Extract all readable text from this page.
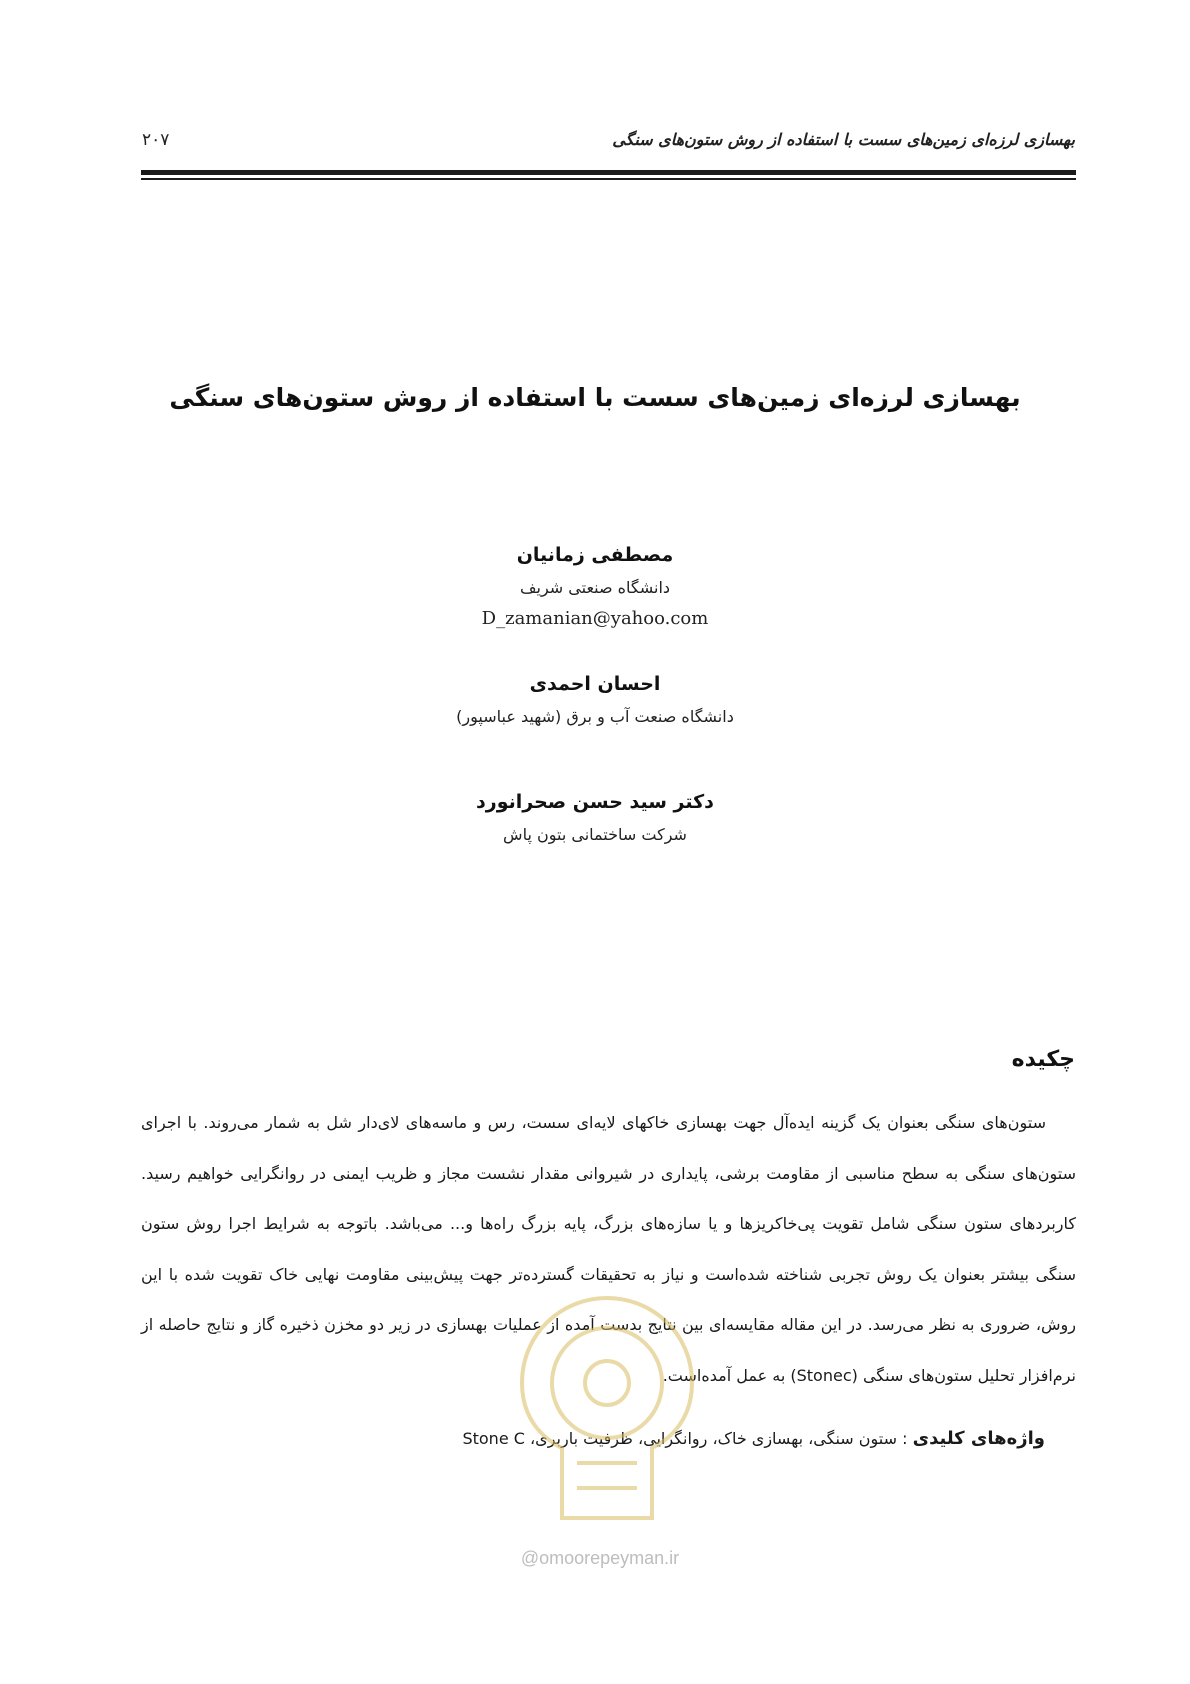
بهسازی لرزه‌ای زمین‌های سست با استفاده از روش ستون‌های سنگی
۲۰۷
بهسازی لرزه‌ای زمین‌های سست با استفاده از روش ستون‌های سنگی
مصطفی زمانیان
دانشگاه صنعتی شریف
D_zamanian@yahoo.com
احسان احمدی
دانشگاه صنعت آب و برق (شهید عباسپور)
دکتر سید حسن صحرانورد
شرکت ساختمانی بتون پاش
چکیده
ستون‌های سنگی بعنوان یک گزینه ایده‌آل جهت بهسازی خاکهای لایه‌ای سست، رس و ماسه‌های لای‌دار شل به شمار می‌روند. با اجرای ستون‌های سنگی به سطح مناسبی از مقاومت برشی، پایداری در شیروانی مقدار نشست مجاز و ظریب ایمنی در روانگرایی خواهیم رسید. کاربردهای ستون سنگی شامل تقویت پی‌خاکریزها و یا سازه‌های بزرگ، پایه بزرگ راه‌ها و... می‌باشد. باتوجه به شرایط اجرا روش ستون سنگی بیشتر بعنوان یک روش تجربی شناخته شده‌است و نیاز به تحقیقات گسترده‌تر جهت پیش‌بینی مقاومت نهایی خاک تقویت شده با این روش، ضروری به نظر می‌رسد. در این مقاله مقایسه‌ای بین نتایج بدست آمده از عملیات بهسازی در زیر دو مخزن ذخیره گاز و نتایج حاصله از نرم‌افزار تحلیل ستون‌های سنگی (Stonec) به عمل آمده‌است.
واژه‌های کلیدی : ستون سنگی، بهسازی خاک، روانگرایی، ظرفیت باربری، Stone C
@omoorepeyman.ir
